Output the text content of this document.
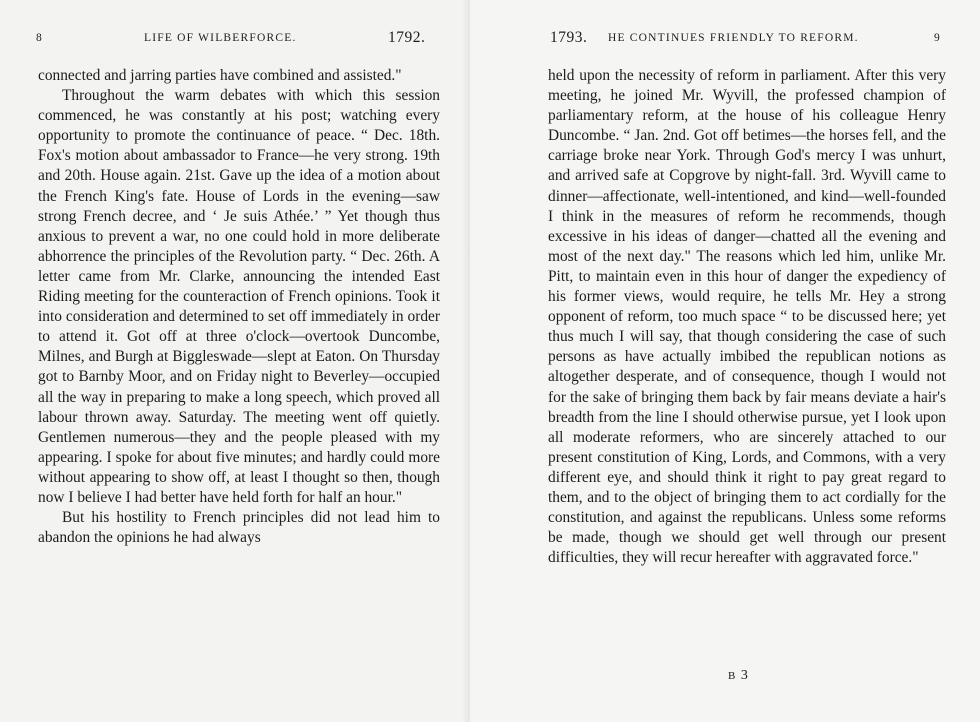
8	LIFE OF WILBERFORCE.	1792.

connected and jarring parties have combined and assisted."

Throughout the warm debates with which this session commenced, he was constantly at his post; watching every opportunity to promote the continuance of peace. “ Dec. 18th. Fox's motion about ambassador to France—he very strong. 19th and 20th. House again. 21st. Gave up the idea of a motion about the French King's fate. House of Lords in the evening—saw strong French decree, and ‘ Je suis Athée.’ ” Yet though thus anxious to prevent a war, no one could hold in more deliberate abhorrence the principles of the Revolution party. “ Dec. 26th. A letter came from Mr. Clarke, announcing the intended East Riding meeting for the counteraction of French opinions. Took it into consideration and determined to set off immediately in order to attend it. Got off at three o'clock—overtook Duncombe, Milnes, and Burgh at Biggleswade—slept at Eaton. On Thursday got to Barnby Moor, and on Friday night to Beverley—occupied all the way in preparing to make a long speech, which proved all labour thrown away. Saturday. The meeting went off quietly. Gentlemen numerous—they and the people pleased with my appearing. I spoke for about five minutes; and hardly could more without appearing to show off, at least I thought so then, though now I believe I had better have held forth for half an hour."

But his hostility to French principles did not lead him to abandon the opinions he had always

1793. HE CONTINUES FRIENDLY TO REFORM.	9

held upon the necessity of reform in parliament. After this very meeting, he joined Mr. Wyvill, the professed champion of parliamentary reform, at the house of his colleague Henry Duncombe. “ Jan. 2nd. Got off betimes—the horses fell, and the carriage broke near York. Through God's mercy I was unhurt, and arrived safe at Copgrove by night-fall. 3rd. Wyvill came to dinner—affectionate, well-intentioned, and kind—well-founded I think in the measures of reform he recommends, though excessive in his ideas of danger—chatted all the evening and most of the next day." The reasons which led him, unlike Mr. Pitt, to maintain even in this hour of danger the expediency of his former views, would require, he tells Mr. Hey a strong opponent of reform, too much space “ to be discussed here; yet thus much I will say, that though considering the case of such persons as have actually imbibed the republican notions as altogether desperate, and of consequence, though I would not for the sake of bringing them back by fair means deviate a hair's breadth from the line I should otherwise pursue, yet I look upon all moderate reformers, who are sincerely attached to our present constitution of King, Lords, and Commons, with a very different eye, and should think it right to pay great regard to them, and to the object of bringing them to act cordially for the constitution, and against the republicans. Unless some reforms be made, though we should get well through our present difficulties, they will recur hereafter with aggravated force."

B 3
